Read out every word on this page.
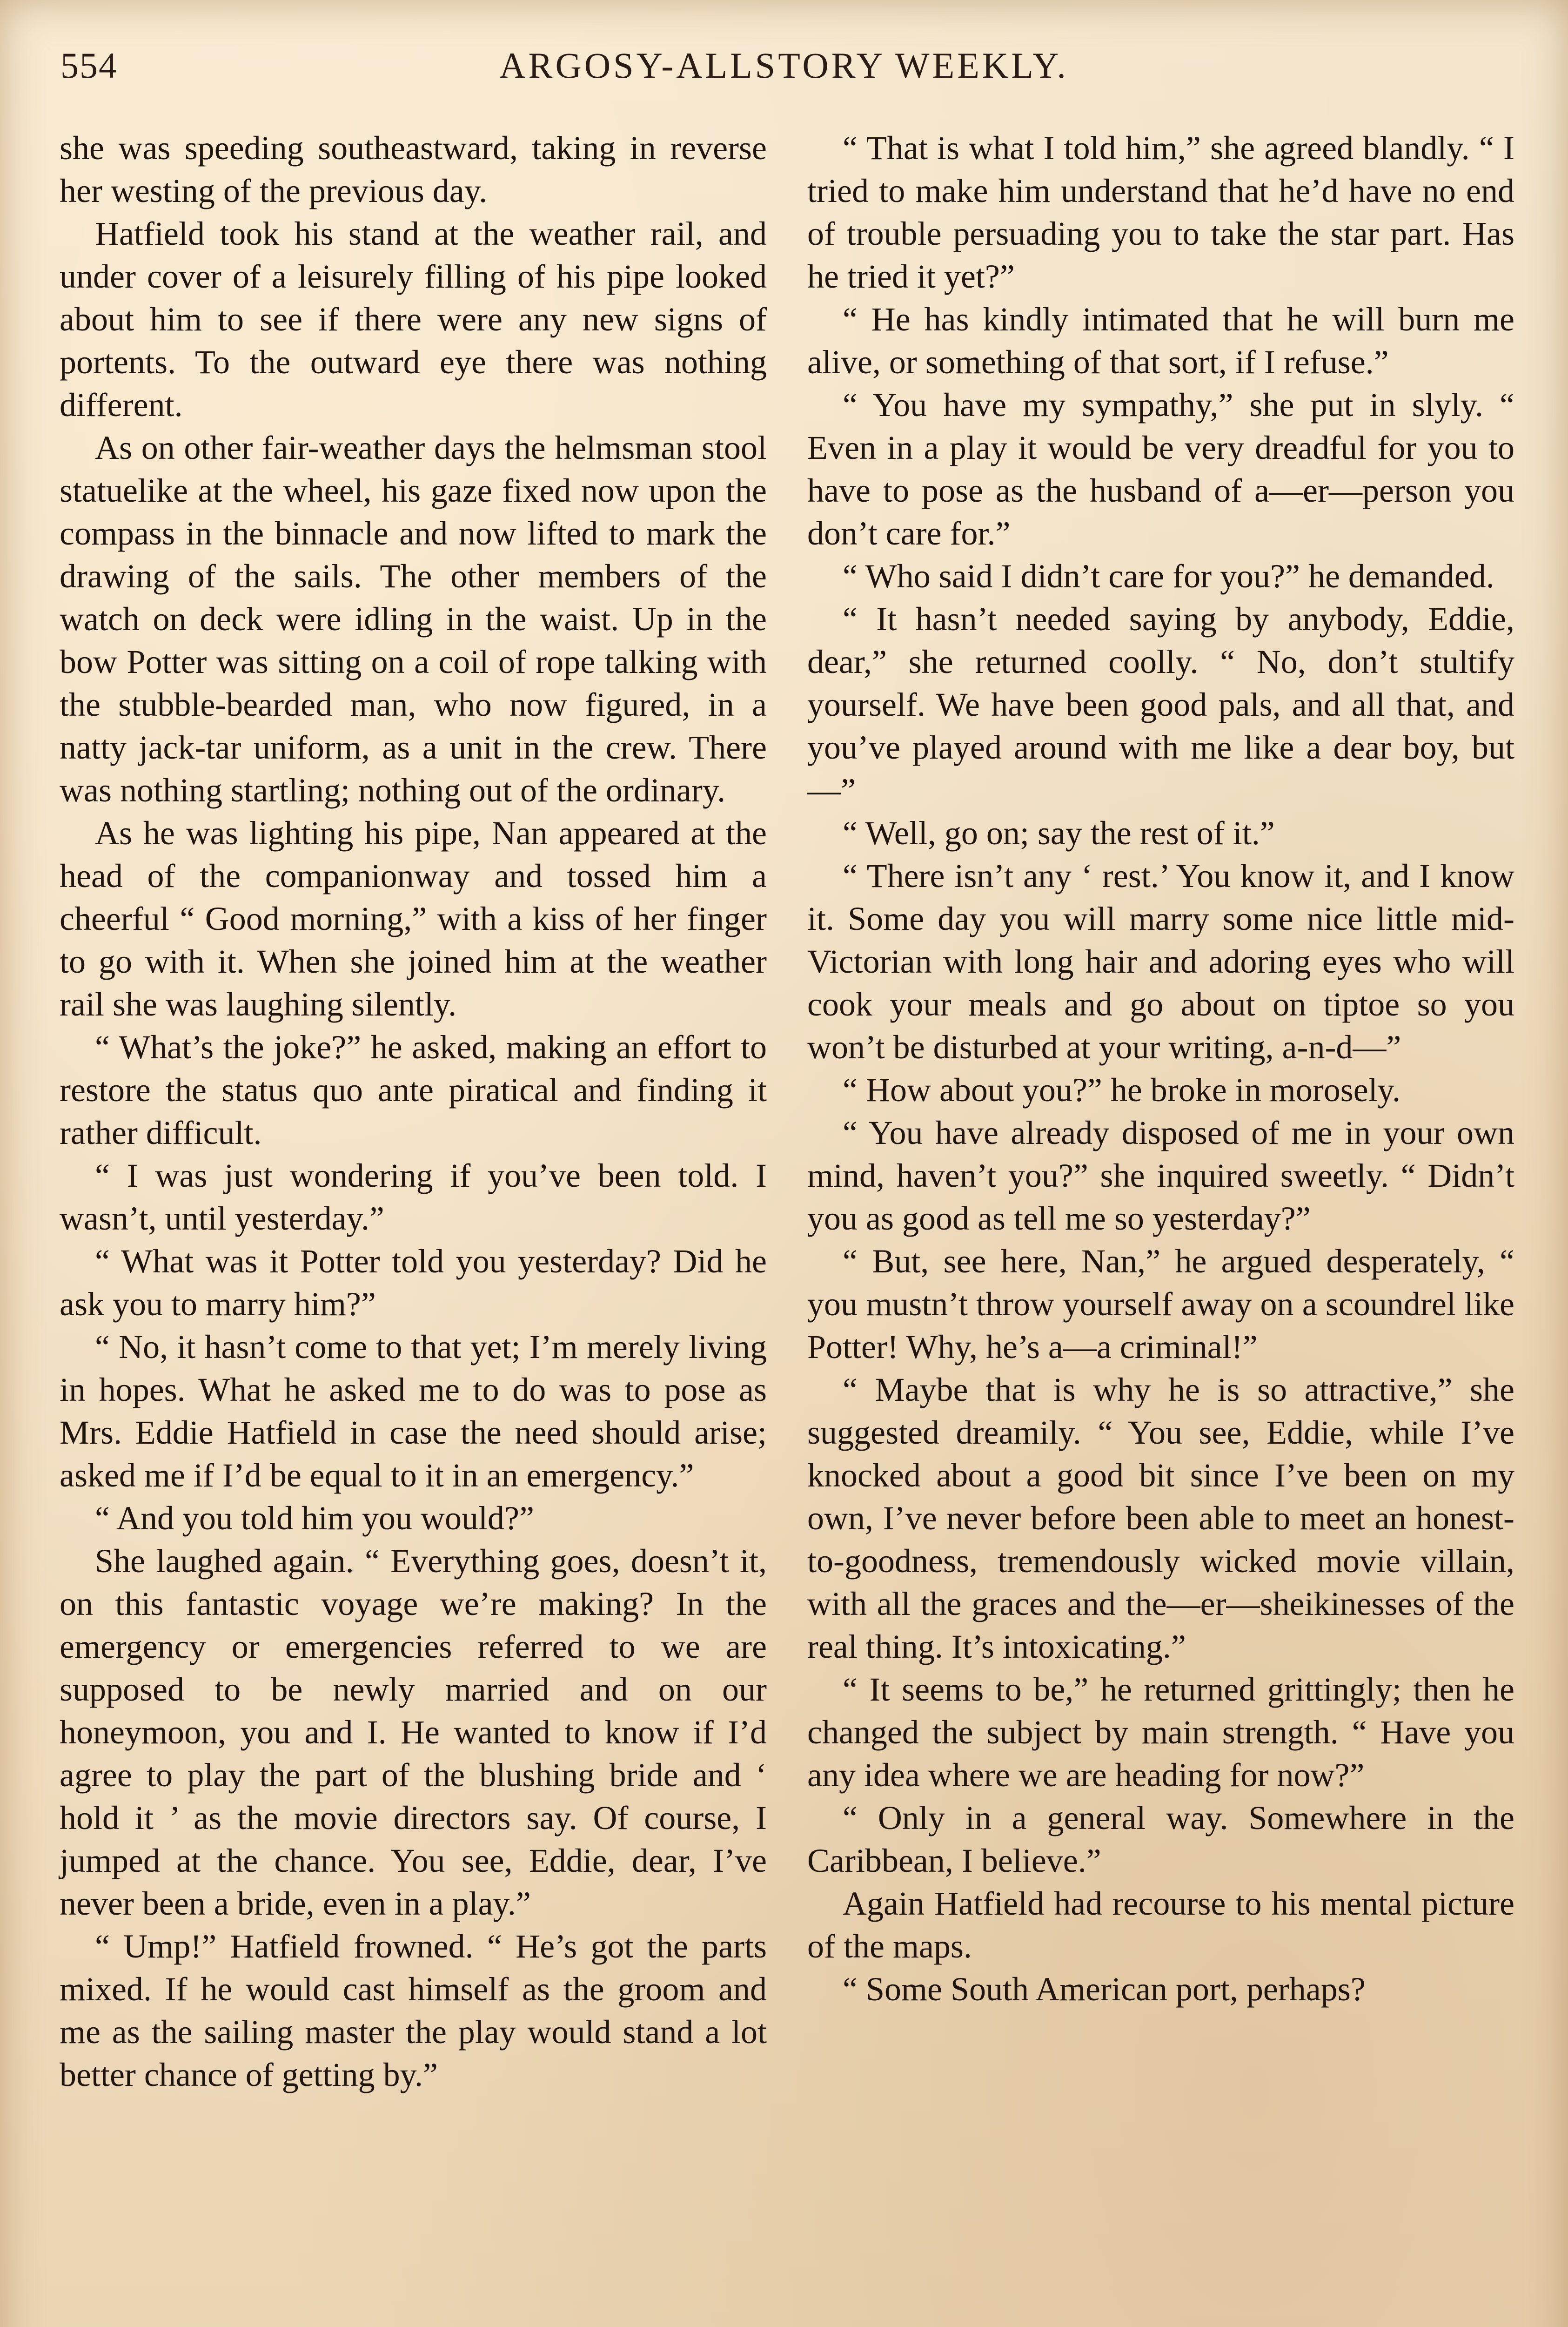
554	ARGOSY-ALLSTORY WEEKLY.

she was speeding southeastward, taking in reverse her westing of the previous day.

Hatfield took his stand at the weather rail, and under cover of a leisurely filling of his pipe looked about him to see if there were any new signs of portents. To the outward eye there was nothing different.

As on other fair-weather days the helmsman stool statuelike at the wheel, his gaze fixed now upon the compass in the binnacle and now lifted to mark the drawing of the sails. The other members of the watch on deck were idling in the waist. Up in the bow Potter was sitting on a coil of rope talking with the stubble-bearded man, who now figured, in a natty jack-tar uniform, as a unit in the crew. There was nothing startling; nothing out of the ordinary.

As he was lighting his pipe, Nan appeared at the head of the companionway and tossed him a cheerful “ Good morning,” with a kiss of her finger to go with it. When she joined him at the weather rail she was laughing silently.

“ What’s the joke?” he asked, making an effort to restore the status quo ante piratical and finding it rather difficult.

“ I was just wondering if you’ve been told. I wasn’t, until yesterday.”

“ What was it Potter told you yesterday? Did he ask you to marry him?”

“ No, it hasn’t come to that yet; I’m merely living in hopes. What he asked me to do was to pose as Mrs. Eddie Hatfield in case the need should arise; asked me if I’d be equal to it in an emergency.”

“ And you told him you would?”

She laughed again. “ Everything goes, doesn’t it, on this fantastic voyage we’re making? In the emergency or emergencies referred to we are supposed to be newly married and on our honeymoon, you and I. He wanted to know if I’d agree to play the part of the blushing bride and ‘ hold it ’ as the movie directors say. Of course, I jumped at the chance. You see, Eddie, dear, I’ve never been a bride, even in a play.”

“ Ump!” Hatfield frowned. “ He’s got the parts mixed. If he would cast himself as the groom and me as the sailing master the play would stand a lot better chance of getting by.”

“ That is what I told him,” she agreed blandly. “ I tried to make him understand that he’d have no end of trouble persuading you to take the star part. Has he tried it yet?”

“ He has kindly intimated that he will burn me alive, or something of that sort, if I refuse.”

“ You have my sympathy,” she put in slyly. “ Even in a play it would be very dreadful for you to have to pose as the husband of a—er—person you don’t care for.”

“ Who said I didn’t care for you?” he demanded.

“ It hasn’t needed saying by anybody, Eddie, dear,” she returned coolly. “ No, don’t stultify yourself. We have been good pals, and all that, and you’ve played around with me like a dear boy, but—”

“ Well, go on; say the rest of it.”

“ There isn’t any ‘ rest.’ You know it, and I know it. Some day you will marry some nice little mid-Victorian with long hair and adoring eyes who will cook your meals and go about on tiptoe so you won’t be disturbed at your writing, a-n-d—”

“ How about you?” he broke in morosely.

“ You have already disposed of me in your own mind, haven’t you?” she inquired sweetly. “ Didn’t you as good as tell me so yesterday?”

“ But, see here, Nan,” he argued desperately, “ you mustn’t throw yourself away on a scoundrel like Potter! Why, he’s a—a criminal!”

“ Maybe that is why he is so attractive,” she suggested dreamily. “ You see, Eddie, while I’ve knocked about a good bit since I’ve been on my own, I’ve never before been able to meet an honest-to-goodness, tremendously wicked movie villain, with all the graces and the—er—sheikinesses of the real thing. It’s intoxicating.”

“ It seems to be,” he returned grittingly; then he changed the subject by main strength. “ Have you any idea where we are heading for now?”

“ Only in a general way. Somewhere in the Caribbean, I believe.”

Again Hatfield had recourse to his mental picture of the maps.

“ Some South American port, perhaps?
